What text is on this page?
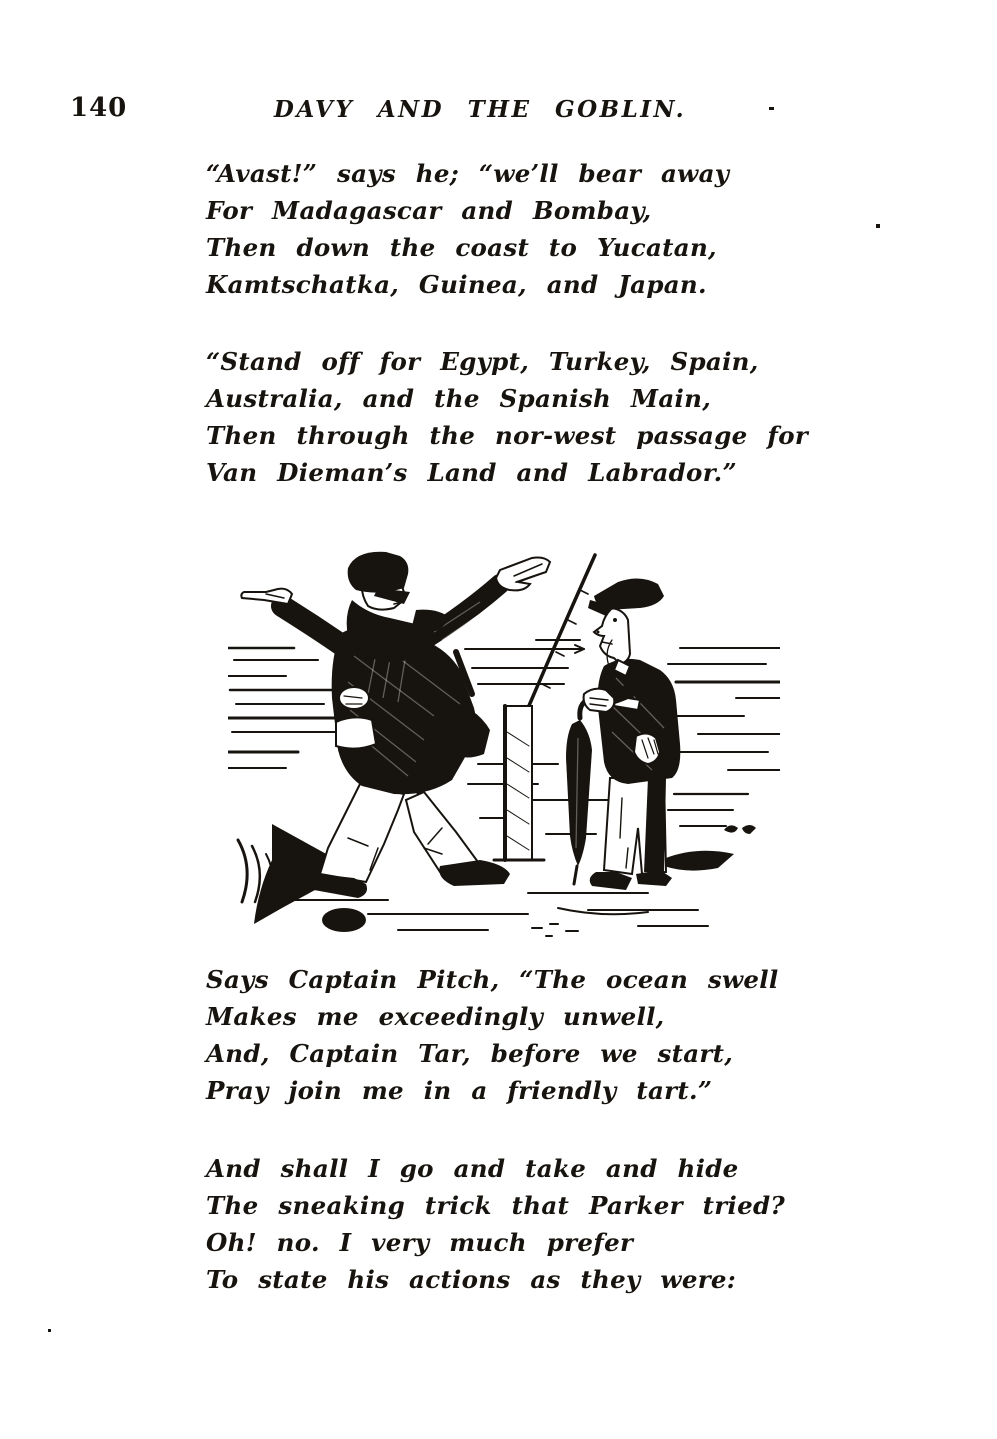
140	DAVY AND THE GOBLIN.
“Avast!” says he; “we’ll bear away
For Madagascar and Bombay,
Then down the coast to Yucatan,
Kamtschatka, Guinea, and Japan.
“Stand off for Egypt, Turkey, Spain,
Australia, and the Spanish Main,
Then through the nor-west passage for
Van Dieman’s Land and Labrador.”
Says Captain Pitch, “The ocean swell
Makes me exceedingly unwell,
And, Captain Tar, before we start,
Pray join me in a friendly tart.”
And shall I go and take and hide
The sneaking trick that Parker tried?
Oh! no. I very much prefer
To state his actions as they were:
